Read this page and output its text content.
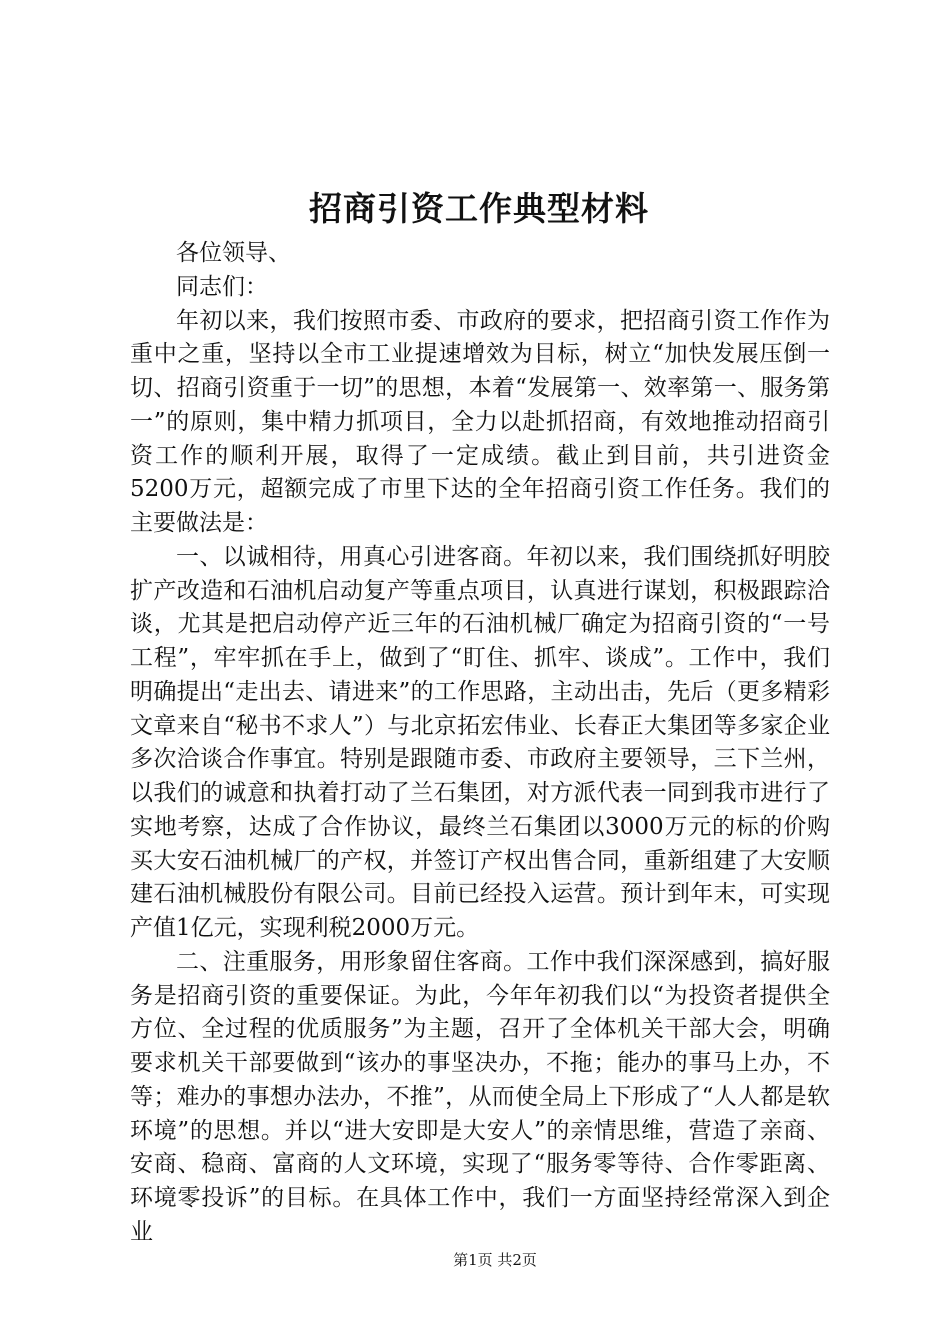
招商引资工作典型材料

各位领导、

同志们：

年初以来，我们按照市委、市政府的要求，把招商引资工作作为重中之重，坚持以全市工业提速增效为目标，树立“加快发展压倒一切、招商引资重于一切”的思想，本着“发展第一、效率第一、服务第一”的原则，集中精力抓项目，全力以赴抓招商，有效地推动招商引资工作的顺利开展，取得了一定成绩。截止到目前，共引进资金5200万元，超额完成了市里下达的全年招商引资工作任务。我们的主要做法是：

一、以诚相待，用真心引进客商。年初以来，我们围绕抓好明胶扩产改造和石油机启动复产等重点项目，认真进行谋划，积极跟踪洽谈，尤其是把启动停产近三年的石油机械厂确定为招商引资的“一号工程”，牢牢抓在手上，做到了“盯住、抓牢、谈成”。工作中，我们明确提出“走出去、请进来”的工作思路，主动出击，先后（更多精彩文章来自“秘书不求人”）与北京拓宏伟业、长春正大集团等多家企业多次洽谈合作事宜。特别是跟随市委、市政府主要领导，三下兰州，以我们的诚意和执着打动了兰石集团，对方派代表一同到我市进行了实地考察，达成了合作协议，最终兰石集团以3000万元的标的价购买大安石油机械厂的产权，并签订产权出售合同，重新组建了大安顺建石油机械股份有限公司。目前已经投入运营。预计到年末，可实现产值1亿元，实现利税2000万元。

二、注重服务，用形象留住客商。工作中我们深深感到，搞好服务是招商引资的重要保证。为此，今年年初我们以“为投资者提供全方位、全过程的优质服务”为主题，召开了全体机关干部大会，明确要求机关干部要做到“该办的事坚决办，不拖；能办的事马上办，不等；难办的事想办法办，不推”，从而使全局上下形成了“人人都是软环境”的思想。并以“进大安即是大安人”的亲情思维，营造了亲商、安商、稳商、富商的人文环境，实现了“服务零等待、合作零距离、环境零投诉”的目标。在具体工作中，我们一方面坚持经常深入到企业

第1页 共2页
